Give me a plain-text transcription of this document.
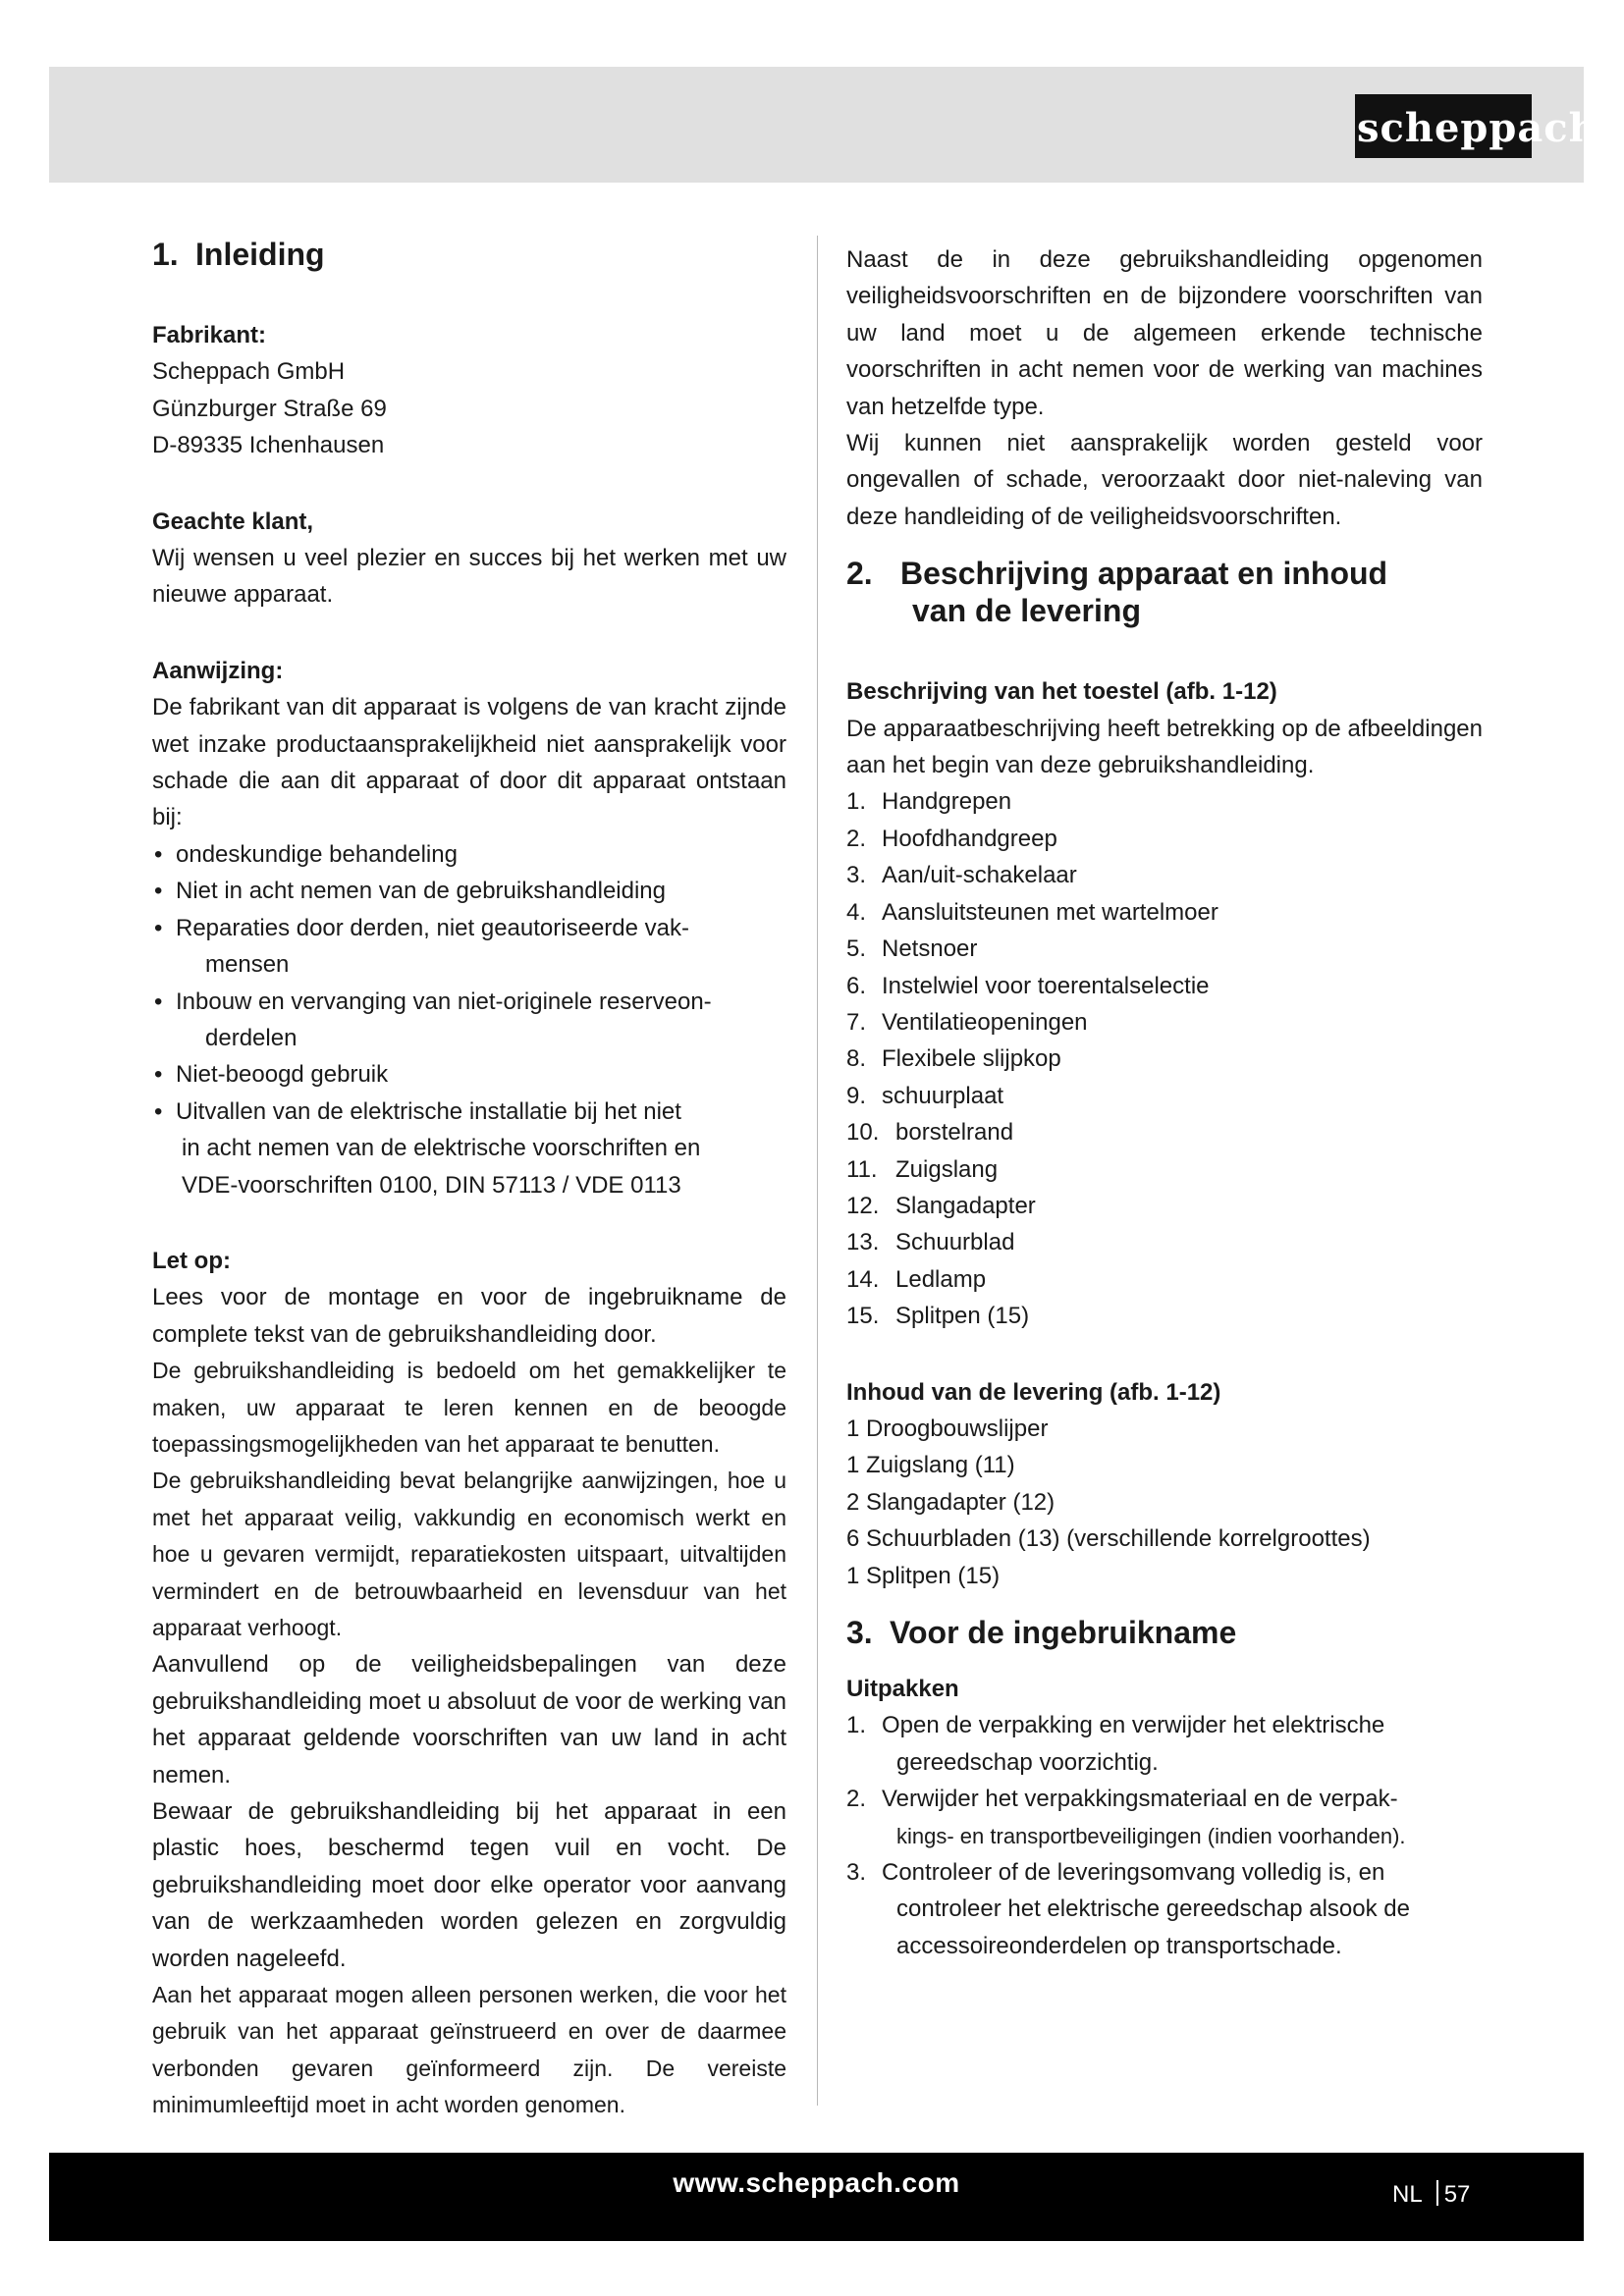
scheppach
1. Inleiding

Fabrikant:

Scheppach GmbH

Günzburger Straße 69

D-89335 Ichenhausen

Geachte klant,

Wij wensen u veel plezier en succes bij het werken met uw nieuwe apparaat.

Aanwijzing:

De fabrikant van dit apparaat is volgens de van kracht zijnde wet inzake productaansprakelijkheid niet aansprakelijk voor schade die aan dit apparaat of door dit apparaat ontstaan bij:

• ondeskundige behandeling
• Niet in acht nemen van de gebruikshandleiding
• Reparaties door derden, niet geautoriseerde vak-
mensen
• Inbouw en vervanging van niet-originele reserveon-
derdelen
• Niet-beoogd gebruik
• Uitvallen van de elektrische installatie bij het niet
in acht nemen van de elektrische voorschriften en
VDE-voorschriften 0100, DIN 57113 / VDE 0113

Let op:

Lees voor de montage en voor de ingebruikname de complete tekst van de gebruikshandleiding door.

De gebruikshandleiding is bedoeld om het gemakkelijker te maken, uw apparaat te leren kennen en de beoogde toepassingsmogelijkheden van het apparaat te benutten.

De gebruikshandleiding bevat belangrijke aanwijzingen, hoe u met het apparaat veilig, vakkundig en economisch werkt en hoe u gevaren vermijdt, reparatiekosten uitspaart, uitvaltijden vermindert en de betrouwbaarheid en levensduur van het apparaat verhoogt.

Aanvullend op de veiligheidsbepalingen van deze gebruikshandleiding moet u absoluut de voor de werking van het apparaat geldende voorschriften van uw land in acht nemen.

Bewaar de gebruikshandleiding bij het apparaat in een plastic hoes, beschermd tegen vuil en vocht. De gebruikshandleiding moet door elke operator voor aanvang van de werkzaamheden worden gelezen en zorgvuldig worden nageleefd.

Aan het apparaat mogen alleen personen werken, die voor het gebruik van het apparaat geïnstrueerd en over de daarmee verbonden gevaren geïnformeerd zijn. De vereiste minimumleeftijd moet in acht worden genomen.

Naast de in deze gebruikshandleiding opgenomen veiligheidsvoorschriften en de bijzondere voorschriften van uw land moet u de algemeen erkende technische voorschriften in acht nemen voor de werking van machines van hetzelfde type.

Wij kunnen niet aansprakelijk worden gesteld voor ongevallen of schade, veroorzaakt door niet-naleving van deze handleiding of de veiligheidsvoorschriften.

2. Beschrijving apparaat en inhoud
van de levering

Beschrijving van het toestel (afb. 1-12)

De apparaatbeschrijving heeft betrekking op de afbeeldingen aan het begin van deze gebruikshandleiding.

1. Handgrepen
2. Hoofdhandgreep
3. Aan/uit-schakelaar
4. Aansluitsteunen met wartelmoer
5. Netsnoer
6. Instelwiel voor toerentalselectie
7. Ventilatieopeningen
8. Flexibele slijpkop
9. schuurplaat
10. borstelrand
11. Zuigslang
12. Slangadapter
13. Schuurblad
14. Ledlamp
15. Splitpen (15)

Inhoud van de levering (afb. 1-12)

1 Droogbouwslijper

1 Zuigslang (11)

2 Slangadapter (12)

6 Schuurbladen (13) (verschillende korrelgroottes)

1 Splitpen (15)

3. Voor de ingebruikname

Uitpakken

1. Open de verpakking en verwijder het elektrische
gereedschap voorzichtig.
2. Verwijder het verpakkingsmateriaal en de verpak-
kings- en transportbeveiligingen (indien voorhanden).
3. Controleer of de leveringsomvang volledig is, en
controleer het elektrische gereedschap alsook de
accessoireonderdelen op transportschade.
www.scheppach.com	NL 57
